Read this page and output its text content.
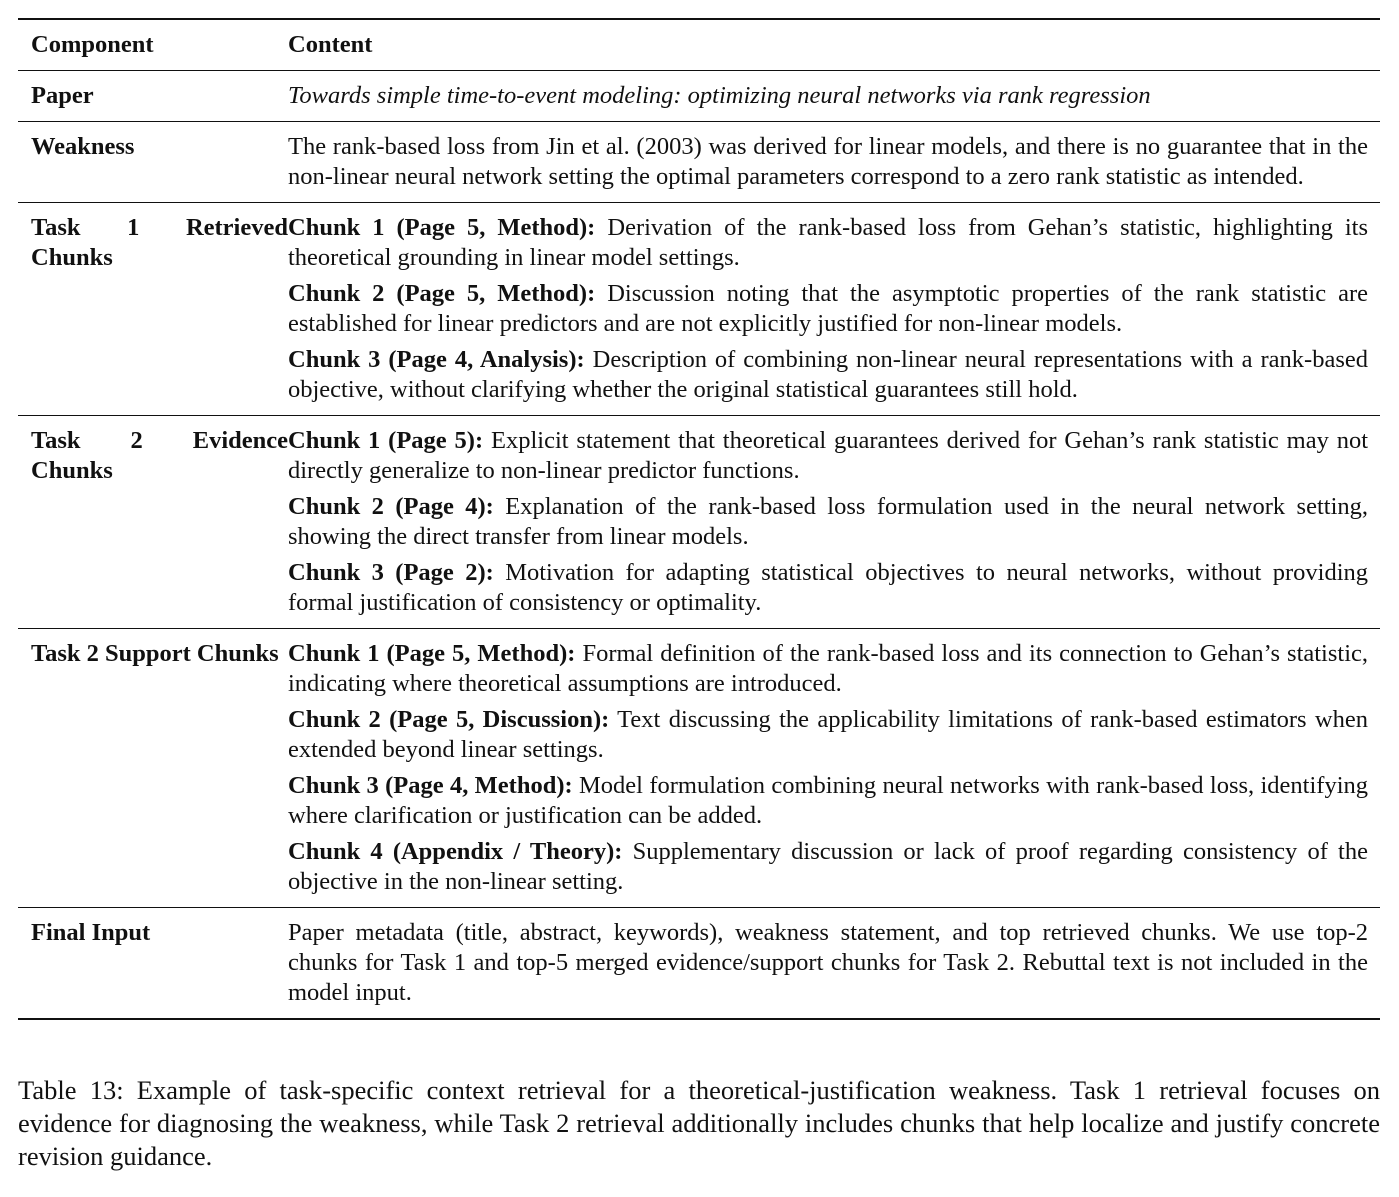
Component	Content
Paper	Towards simple time-to-event modeling: optimizing neural networks via rank regression
Weakness	The rank-based loss from Jin et al. (2003) was derived for linear models, and there is no guarantee that in the non-linear neural network setting the optimal parameters correspond to a zero rank statistic as intended.
Task 1 Retrieved Chunks	Chunk 1 (Page 5, Method): Derivation of the rank-based loss from Gehan’s statistic, highlighting its theoretical grounding in linear model settings.
Chunk 2 (Page 5, Method): Discussion noting that the asymptotic properties of the rank statistic are established for linear predictors and are not explicitly justified for non-linear models.
Chunk 3 (Page 4, Analysis): Description of combining non-linear neural representations with a rank-based objective, without clarifying whether the original statistical guarantees still hold.

Task 2 Evidence Chunks	Chunk 1 (Page 5): Explicit statement that theoretical guarantees derived for Gehan’s rank statistic may not directly generalize to non-linear predictor functions.
Chunk 2 (Page 4): Explanation of the rank-based loss formulation used in the neural network setting, showing the direct transfer from linear models.
Chunk 3 (Page 2): Motivation for adapting statistical objectives to neural networks, without providing formal justification of consistency or optimality.

Task 2 Support Chunks	Chunk 1 (Page 5, Method): Formal definition of the rank-based loss and its connection to Gehan’s statistic, indicating where theoretical assumptions are introduced.
Chunk 2 (Page 5, Discussion): Text discussing the applicability limitations of rank-based estimators when extended beyond linear settings.
Chunk 3 (Page 4, Method): Model formulation combining neural networks with rank-based loss, identifying where clarification or justification can be added.
Chunk 4 (Appendix / Theory): Supplementary discussion or lack of proof regarding consistency of the objective in the non-linear setting.

Final Input	Paper metadata (title, abstract, keywords), weakness statement, and top retrieved chunks. We use top-2 chunks for Task 1 and top-5 merged evidence/support chunks for Task 2. Rebuttal text is not included in the model input.
Table 13: Example of task-specific context retrieval for a theoretical-justification weakness. Task 1 retrieval focuses on evidence for diagnosing the weakness, while Task 2 retrieval additionally includes chunks that help localize and justify concrete revision guidance.
